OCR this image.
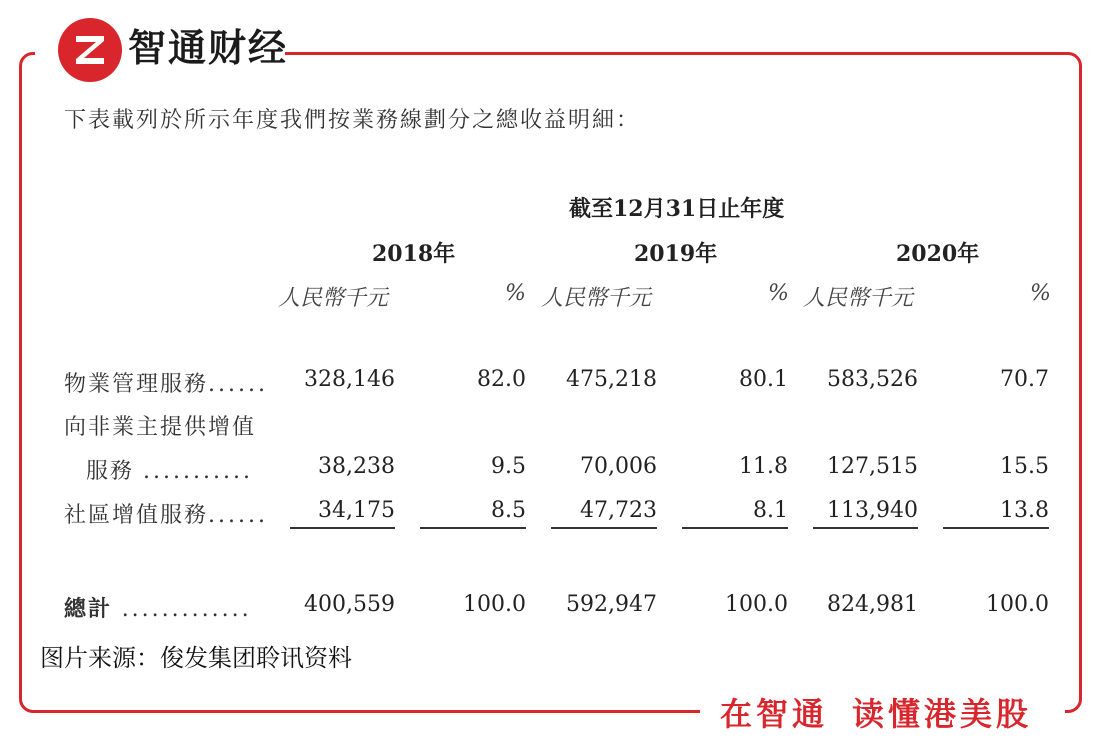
智通财经
下表載列於所示年度我們按業務線劃分之總收益明細：
截至12月31日止年度
2018年	2019年	2020年
人民幣千元	% 人民幣千元	% 人民幣千元	%
物業管理服務...... 328,146	82.0 475,218	80.1 583,526	70.7
向非業主提供增值
服務 ...........	38,238	9.5 70,006	11.8 127,515	15.5
社區增值服務...... 34,175	8.5 47,723	8.1 113,940	13.8
總計 ............. 400,559	100.0 592,947	100.0 824,981	100.0
图片来源：俊发集团聆讯资料
在智通 读懂港美股
